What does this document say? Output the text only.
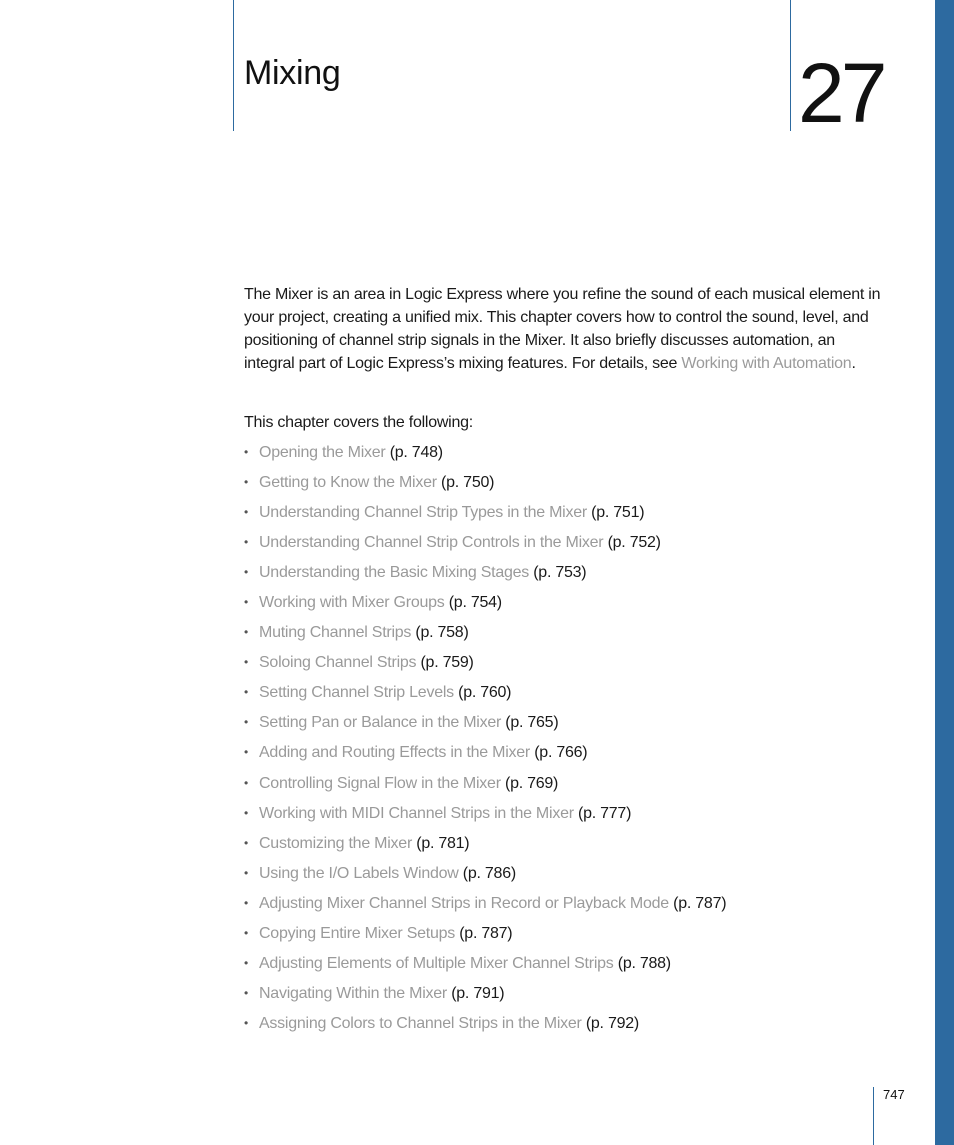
Mixing	27

The Mixer is an area in Logic Express where you refine the sound of each musical element in your project, creating a unified mix. This chapter covers how to control the sound, level, and positioning of channel strip signals in the Mixer. It also briefly discusses automation, an integral part of Logic Express’s mixing features. For details, see Working with Automation.

This chapter covers the following:

• Opening the Mixer (p. 748)
• Getting to Know the Mixer (p. 750)
• Understanding Channel Strip Types in the Mixer (p. 751)
• Understanding Channel Strip Controls in the Mixer (p. 752)
• Understanding the Basic Mixing Stages (p. 753)
• Working with Mixer Groups (p. 754)
• Muting Channel Strips (p. 758)
• Soloing Channel Strips (p. 759)
• Setting Channel Strip Levels (p. 760)
• Setting Pan or Balance in the Mixer (p. 765)
• Adding and Routing Effects in the Mixer (p. 766)
• Controlling Signal Flow in the Mixer (p. 769)
• Working with MIDI Channel Strips in the Mixer (p. 777)
• Customizing the Mixer (p. 781)
• Using the I/O Labels Window (p. 786)
• Adjusting Mixer Channel Strips in Record or Playback Mode (p. 787)
• Copying Entire Mixer Setups (p. 787)
• Adjusting Elements of Multiple Mixer Channel Strips (p. 788)
• Navigating Within the Mixer (p. 791)
• Assigning Colors to Channel Strips in the Mixer (p. 792)
747
